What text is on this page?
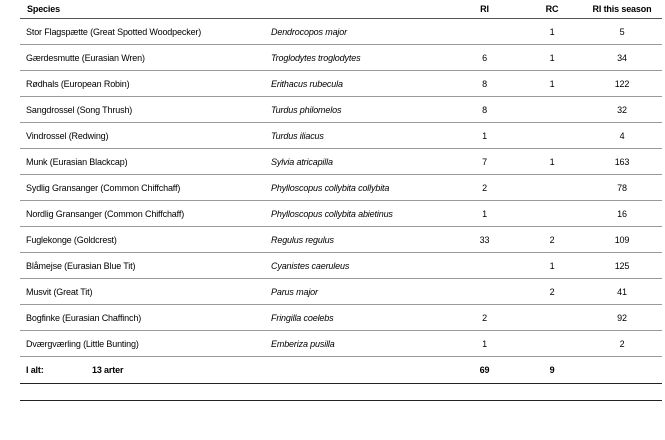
Species		RI	RC	RI this season
Stor Flagspætte (Great Spotted Woodpecker)	Dendrocopos major		1	5
Gærdesmutte (Eurasian Wren)	Troglodytes troglodytes	6	1	34
Rødhals (European Robin)	Erithacus rubecula	8	1	122
Sangdrossel (Song Thrush)	Turdus philomelos	8		32
Vindrossel (Redwing)	Turdus iliacus	1		4
Munk (Eurasian Blackcap)	Sylvia atricapilla	7	1	163
Sydlig Gransanger (Common Chiffchaff)	Phylloscopus collybita collybita	2		78
Nordlig Gransanger (Common Chiffchaff)	Phylloscopus collybita abietinus	1		16
Fuglekonge (Goldcrest)	Regulus regulus	33	2	109
Blåmejse (Eurasian Blue Tit)	Cyanistes caeruleus		1	125
Musvit (Great Tit)	Parus major		2	41
Bogfinke (Eurasian Chaffinch)	Fringilla coelebs	2		92
Dværgværling (Little Bunting)	Emberiza pusilla	1		2
I alt: 13 arter		69	9	
